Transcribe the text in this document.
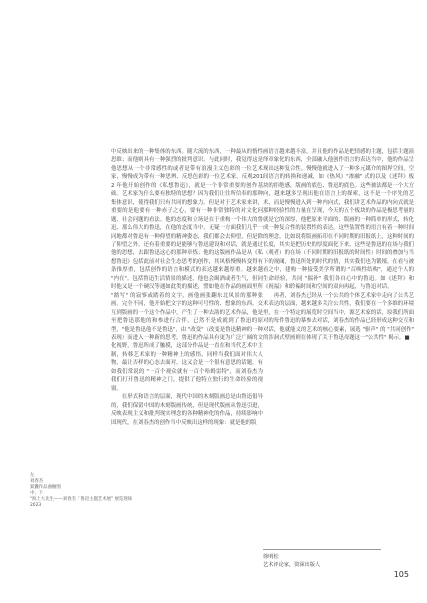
中反映出来的一种集体的东西。随大流的东西，一种最从的惰性思维；而他则具有一种强烈的批判意识。与此同时，我觉得这是他思想从一个非常感性的或者是带有浪漫主义色彩的一位艺术家，慢慢成为带有一种思辨、反思色彩的一位艺术家。反观2012 年他开始创作的《私想鲁迅》，就是一个非常重要的创作基础。艺术家为什么要有独特的思想？因为我们让往所信奉的那种集体意识，使得我们只有共同的想象力。但是对于艺术家来讲，重要的是他要有一种赤子之心，要有一种非常独特的对文化问题、社会问题的看法。他的态度和立场是在于重构一个伟大的鲁迅，那么伟大的鲁迅，在他的态度当中，无疑一方面我们几乎一同地都对鲁迅有一种仰望的精神姿态，我们都会去仰望，但是除了仰望之外，还有着重要的是能够与鲁迅建设和对话，就是通过他的思想，去跟鲁迅这心的那种章炼；他的这版画作品是从《私想鲁迅》包括此前对社会生态思考的创作，其风格慢慢转变得有条推厚重，包括创作的语言和模式的表达越来越厚重。越来越 "内在"。包括鲁迅生活情景的描述，他也会竭酒或者生气，但同时他又是一个硬汉等通如此类的描述，譬如他在作品的画面里所 "踏写" 的寂寥或踏着的文字，画他画张翻东北风景的那种张画。完全不同，他开始把文字的这种可号性的、想象的东西，交互到版画的一个这个作品中，产生了一种去韵的艺术作品，他是至把鲁迅那他的和参进行合伴，已然不是成就到了鲁迅的原型，"他是鲁迅他不是鲁迅"，由 "改变"（改变是鲁迅精神的一种表现）而进入一种新的思考，鲁迅的作品具有更为广泛广阔的文化视野，鲁迅所成了触摸，这部分作品是一直在和当代艺术中主制，转移艺术家的一种精神上的感悟，同样当我们面对伟大人物，最让否样的心态去面对，这又会是一个很有意思的话题，有如我们常说的 "一百个观众就有一百个哈姆雷特"，而刘春杰为我们打开鲁迅的精神之门，提供了他特立独行的生命经验的视窗。

在形式和语言的层面，现代中国的木刻版画总是由鲁迅倡导的，我们保留中国的木刻版画传统，但是现代版画从鲁迅引进，反映表现主义和批判现实理念的各种精神化的作品，持续影响中国现代，在刘春杰的创作当中反映出这样的现象：就是他的版

画语言越来越丰富，并且他的作品是把情感的主题，包括主题演绎章象化的东西，全部融入他创作语言的表达当中，他的作品呈现出这种复合性。慢慢他就进入了一种多元媒介的图界空间，空间语言的转换和递减，如《热风》"渗融" 式的以及《述拜》板块的拒绝感，版画的底色、鲁迅的底色。这些被法都是一个大方向，越来越多呈现出他在语言上的探索，这不是一个序先的艺术，而是慢慢进入到一种内向式，我们讲艺术作品的内向式就是那种经验性的力量在呈现，今天的五个板块的作品是极思考量的就是它的深厚，他把原来平面的、版画的一种简单的形式，转化成一种复合性的装置性的表达，这些装置性的语言有着一种时间的理念，比如说将版画拓印在不同时期的旧报纸上，这种时间的长度，其实是把历史的厚度面化下来，这些是鲁迅的在场与我们（观者）的在场（不同时期的旧报纸的时间性）时间的叠加与当下的视阈，鲁迅所处的时代的情，其实我们也为锻壕，在看与被看之中，建构一种接受美学所谓的 "召唤性结构"，通过个人的生命经验，共同 "揣补" 我们各自心中的鲁迅。如《述拜》和《祝福》和聆褊时间和空间的双向再起，与鲁迅对话。

再者，刘春杰已经从一个公共的个体艺术家中走向了公共艺术表达的层面，越来越多关注公共性，我们要在一个多维的环境里，在一个特定的展览时空间当中，源艺术家的话，原我们所面对的每件鲁迅的摹参去对话，刘春杰的作品已经形成这种交互和对话，他就能义的艺术的核心要素，展选 "驱声" 的 "共同创作" 的涉洞式壁画则在体现了关于鲁迅母题这一"公共性" 揭示。■

左
刘春杰
狱囊作品曲橱图
中、下
"海上大先生——刘春杰「鲁迅主题艺术展" 展览现场
2023
徐明松
艺术评论家，资深出版人
105
